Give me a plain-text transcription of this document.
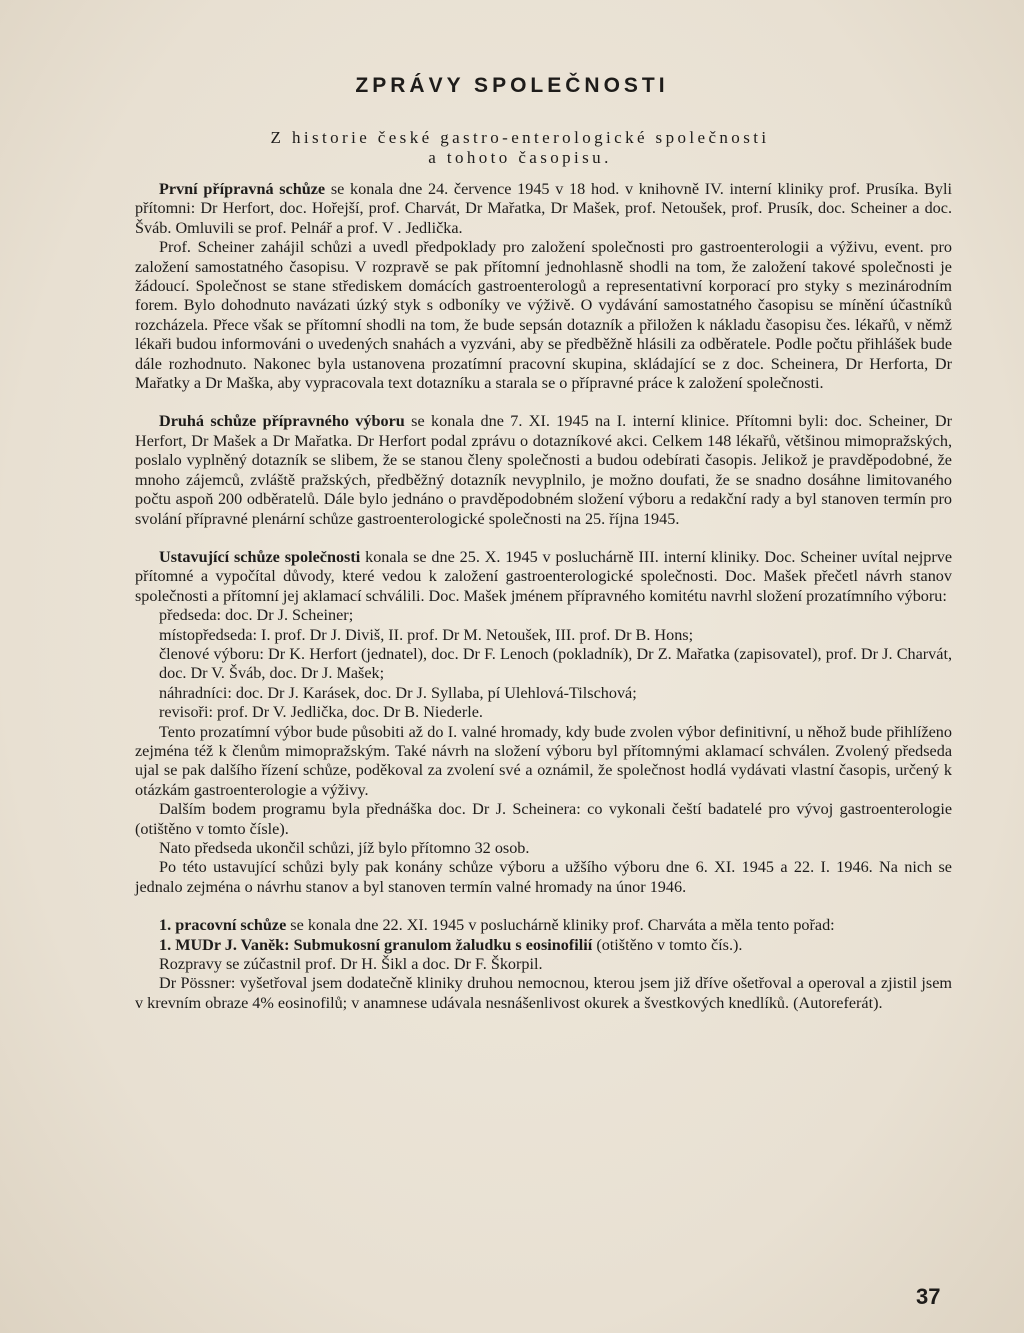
ZPRÁVY SPOLEČNOSTI
Z historie české gastro-enterologické společnosti
a tohoto časopisu.

První přípravná schůze se konala dne 24. července 1945 v 18 hod. v knihovně IV. interní kliniky prof. Prusíka. Byli přítomni: Dr Herfort, doc. Hořejší, prof. Charvát, Dr Mařatka, Dr Mašek, prof. Netoušek, prof. Prusík, doc. Scheiner a doc. Šváb. Omluvili se prof. Pelnář a prof. V . Jedlička.

Prof. Scheiner zahájil schůzi a uvedl předpoklady pro založení společnosti pro gastroenterologii a výživu, event. pro založení samostatného časopisu. V rozpravě se pak přítomní jednohlasně shodli na tom, že založení takové společnosti je žádoucí. Společnost se stane střediskem domácích gastroenterologů a representativní korporací pro styky s mezinárodním forem. Bylo dohodnuto navázati úzký styk s odboníky ve výživě. O vydávání samostatného časopisu se mínění účastníků rozcházela. Přece však se přítomní shodli na tom, že bude sepsán dotazník a přiložen k nákladu časopisu čes. lékařů, v němž lékaři budou informováni o uvedených snahách a vyzváni, aby se předběžně hlásili za odběratele. Podle počtu přihlášek bude dále rozhodnuto. Nakonec byla ustanovena prozatímní pracovní skupina, skládající se z doc. Scheinera, Dr Herforta, Dr Mařatky a Dr Maška, aby vypracovala text dotazníku a starala se o přípravné práce k založení společnosti.

Druhá schůze přípravného výboru se konala dne 7. XI. 1945 na I. interní klinice. Přítomni byli: doc. Scheiner, Dr Herfort, Dr Mašek a Dr Mařatka. Dr Herfort podal zprávu o dotazníkové akci. Celkem 148 lékařů, většinou mimopražských, poslalo vyplněný dotazník se slibem, že se stanou členy společnosti a budou odebírati časopis. Jelikož je pravděpodobné, že mnoho zájemců, zvláště pražských, předběžný dotazník nevyplnilo, je možno doufati, že se snadno dosáhne limitovaného počtu aspoň 200 odběratelů. Dále bylo jednáno o pravděpodobném složení výboru a redakční rady a byl stanoven termín pro svolání přípravné plenární schůze gastroenterologické společnosti na 25. října 1945.

Ustavující schůze společnosti konala se dne 25. X. 1945 v posluchárně III. interní kliniky. Doc. Scheiner uvítal nejprve přítomné a vypočítal důvody, které vedou k založení gastroenterologické společnosti. Doc. Mašek přečetl návrh stanov společnosti a přítomní jej aklamací schválili. Doc. Mašek jménem přípravného komitétu navrhl složení prozatímního výboru:

předseda: doc. Dr J. Scheiner;
místopředseda: I. prof. Dr J. Diviš, II. prof. Dr M. Netoušek, III. prof. Dr B. Hons;
členové výboru: Dr K. Herfort (jednatel), doc. Dr F. Lenoch (pokladník), Dr Z. Mařatka (zapisovatel), prof. Dr J. Charvát, doc. Dr V. Šváb, doc. Dr J. Mašek;
náhradníci: doc. Dr J. Karásek, doc. Dr J. Syllaba, pí Ulehlová-Tilschová;
revisoři: prof. Dr V. Jedlička, doc. Dr B. Niederle.

Tento prozatímní výbor bude působiti až do I. valné hromady, kdy bude zvolen výbor definitivní, u něhož bude přihlíženo zejména též k členům mimopražským. Také návrh na složení výboru byl přítomnými aklamací schválen. Zvolený předseda ujal se pak dalšího řízení schůze, poděkoval za zvolení své a oznámil, že společnost hodlá vydávati vlastní časopis, určený k otázkám gastroenterologie a výživy.

Dalším bodem programu byla přednáška doc. Dr J. Scheinera: co vykonali čeští badatelé pro vývoj gastroenterologie (otištěno v tomto čísle).

Nato předseda ukončil schůzi, jíž bylo přítomno 32 osob.

Po této ustavující schůzi byly pak konány schůze výboru a užšího výboru dne 6. XI. 1945 a 22. I. 1946. Na nich se jednalo zejména o návrhu stanov a byl stanoven termín valné hromady na únor 1946.

1. pracovní schůze se konala dne 22. XI. 1945 v posluchárně kliniky prof. Charváta a měla tento pořad:

1. MUDr J. Vaněk: Submukosní granulom žaludku s eosinofilií (otištěno v tomto čís.).

Rozpravy se zúčastnil prof. Dr H. Šikl a doc. Dr F. Škorpil.

Dr Pössner: vyšetřoval jsem dodatečně kliniky druhou nemocnou, kterou jsem již dříve ošetřoval a operoval a zjistil jsem v krevním obraze 4% eosinofilů; v anamnese udávala nesnášenlivost okurek a švestkových knedlíků. (Autoreferát).

37
